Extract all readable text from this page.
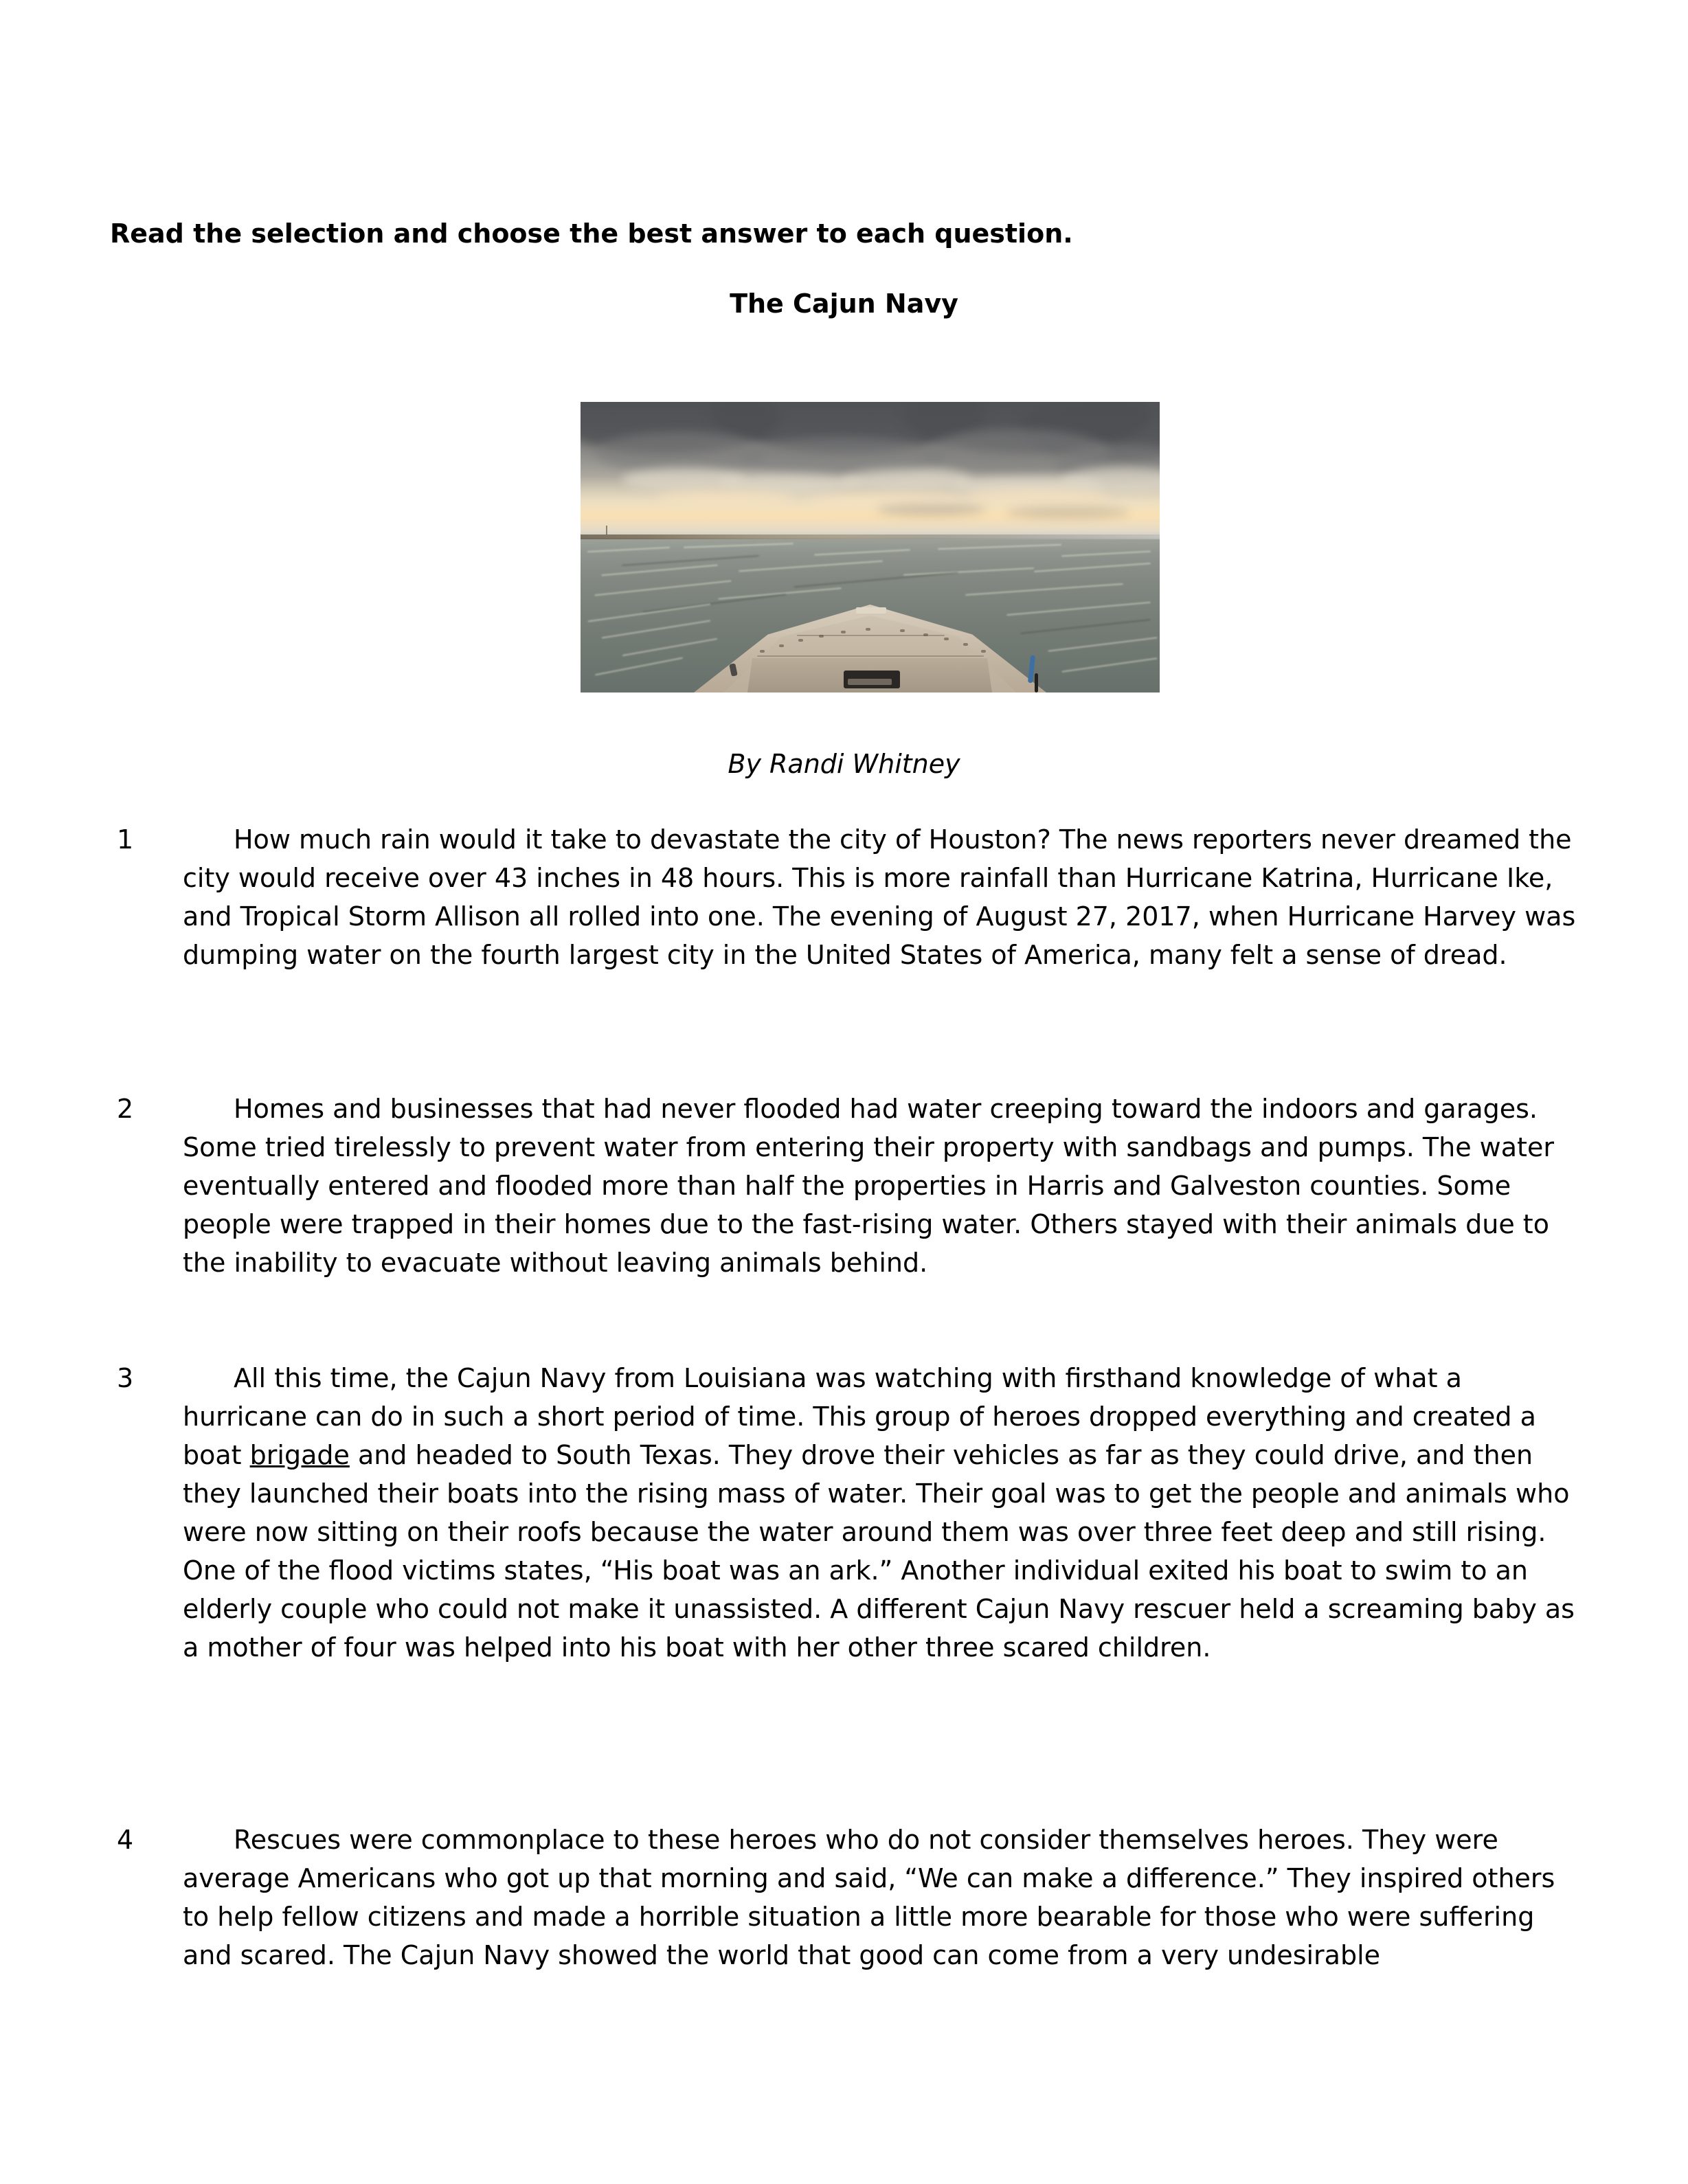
Read the selection and choose the best answer to each question.
The Cajun Navy
By Randi Whitney
1	How much rain would it take to devastate the city of Houston? The news reporters never dreamed the city would receive over 43 inches in 48 hours. This is more rainfall than Hurricane Katrina, Hurricane Ike, and Tropical Storm Allison all rolled into one. The evening of August 27, 2017, when Hurricane Harvey was dumping water on the fourth largest city in the United States of America, many felt a sense of dread.
2	Homes and businesses that had never flooded had water creeping toward the indoors and garages. Some tried tirelessly to prevent water from entering their property with sandbags and pumps. The water eventually entered and flooded more than half the properties in Harris and Galveston counties. Some people were trapped in their homes due to the fast-rising water. Others stayed with their animals due to the inability to evacuate without leaving animals behind.
3	All this time, the Cajun Navy from Louisiana was watching with firsthand knowledge of what a hurricane can do in such a short period of time. This group of heroes dropped everything and created a boat brigade and headed to South Texas. They drove their vehicles as far as they could drive, and then they launched their boats into the rising mass of water. Their goal was to get the people and animals who were now sitting on their roofs because the water around them was over three feet deep and still rising. One of the flood victims states, “His boat was an ark.” Another individual exited his boat to swim to an elderly couple who could not make it unassisted. A different Cajun Navy rescuer held a screaming baby as a mother of four was helped into his boat with her other three scared children.
4	Rescues were commonplace to these heroes who do not consider themselves heroes. They were average Americans who got up that morning and said, “We can make a difference.” They inspired others to help fellow citizens and made a horrible situation a little more bearable for those who were suffering and scared. The Cajun Navy showed the world that good can come from a very undesirable
